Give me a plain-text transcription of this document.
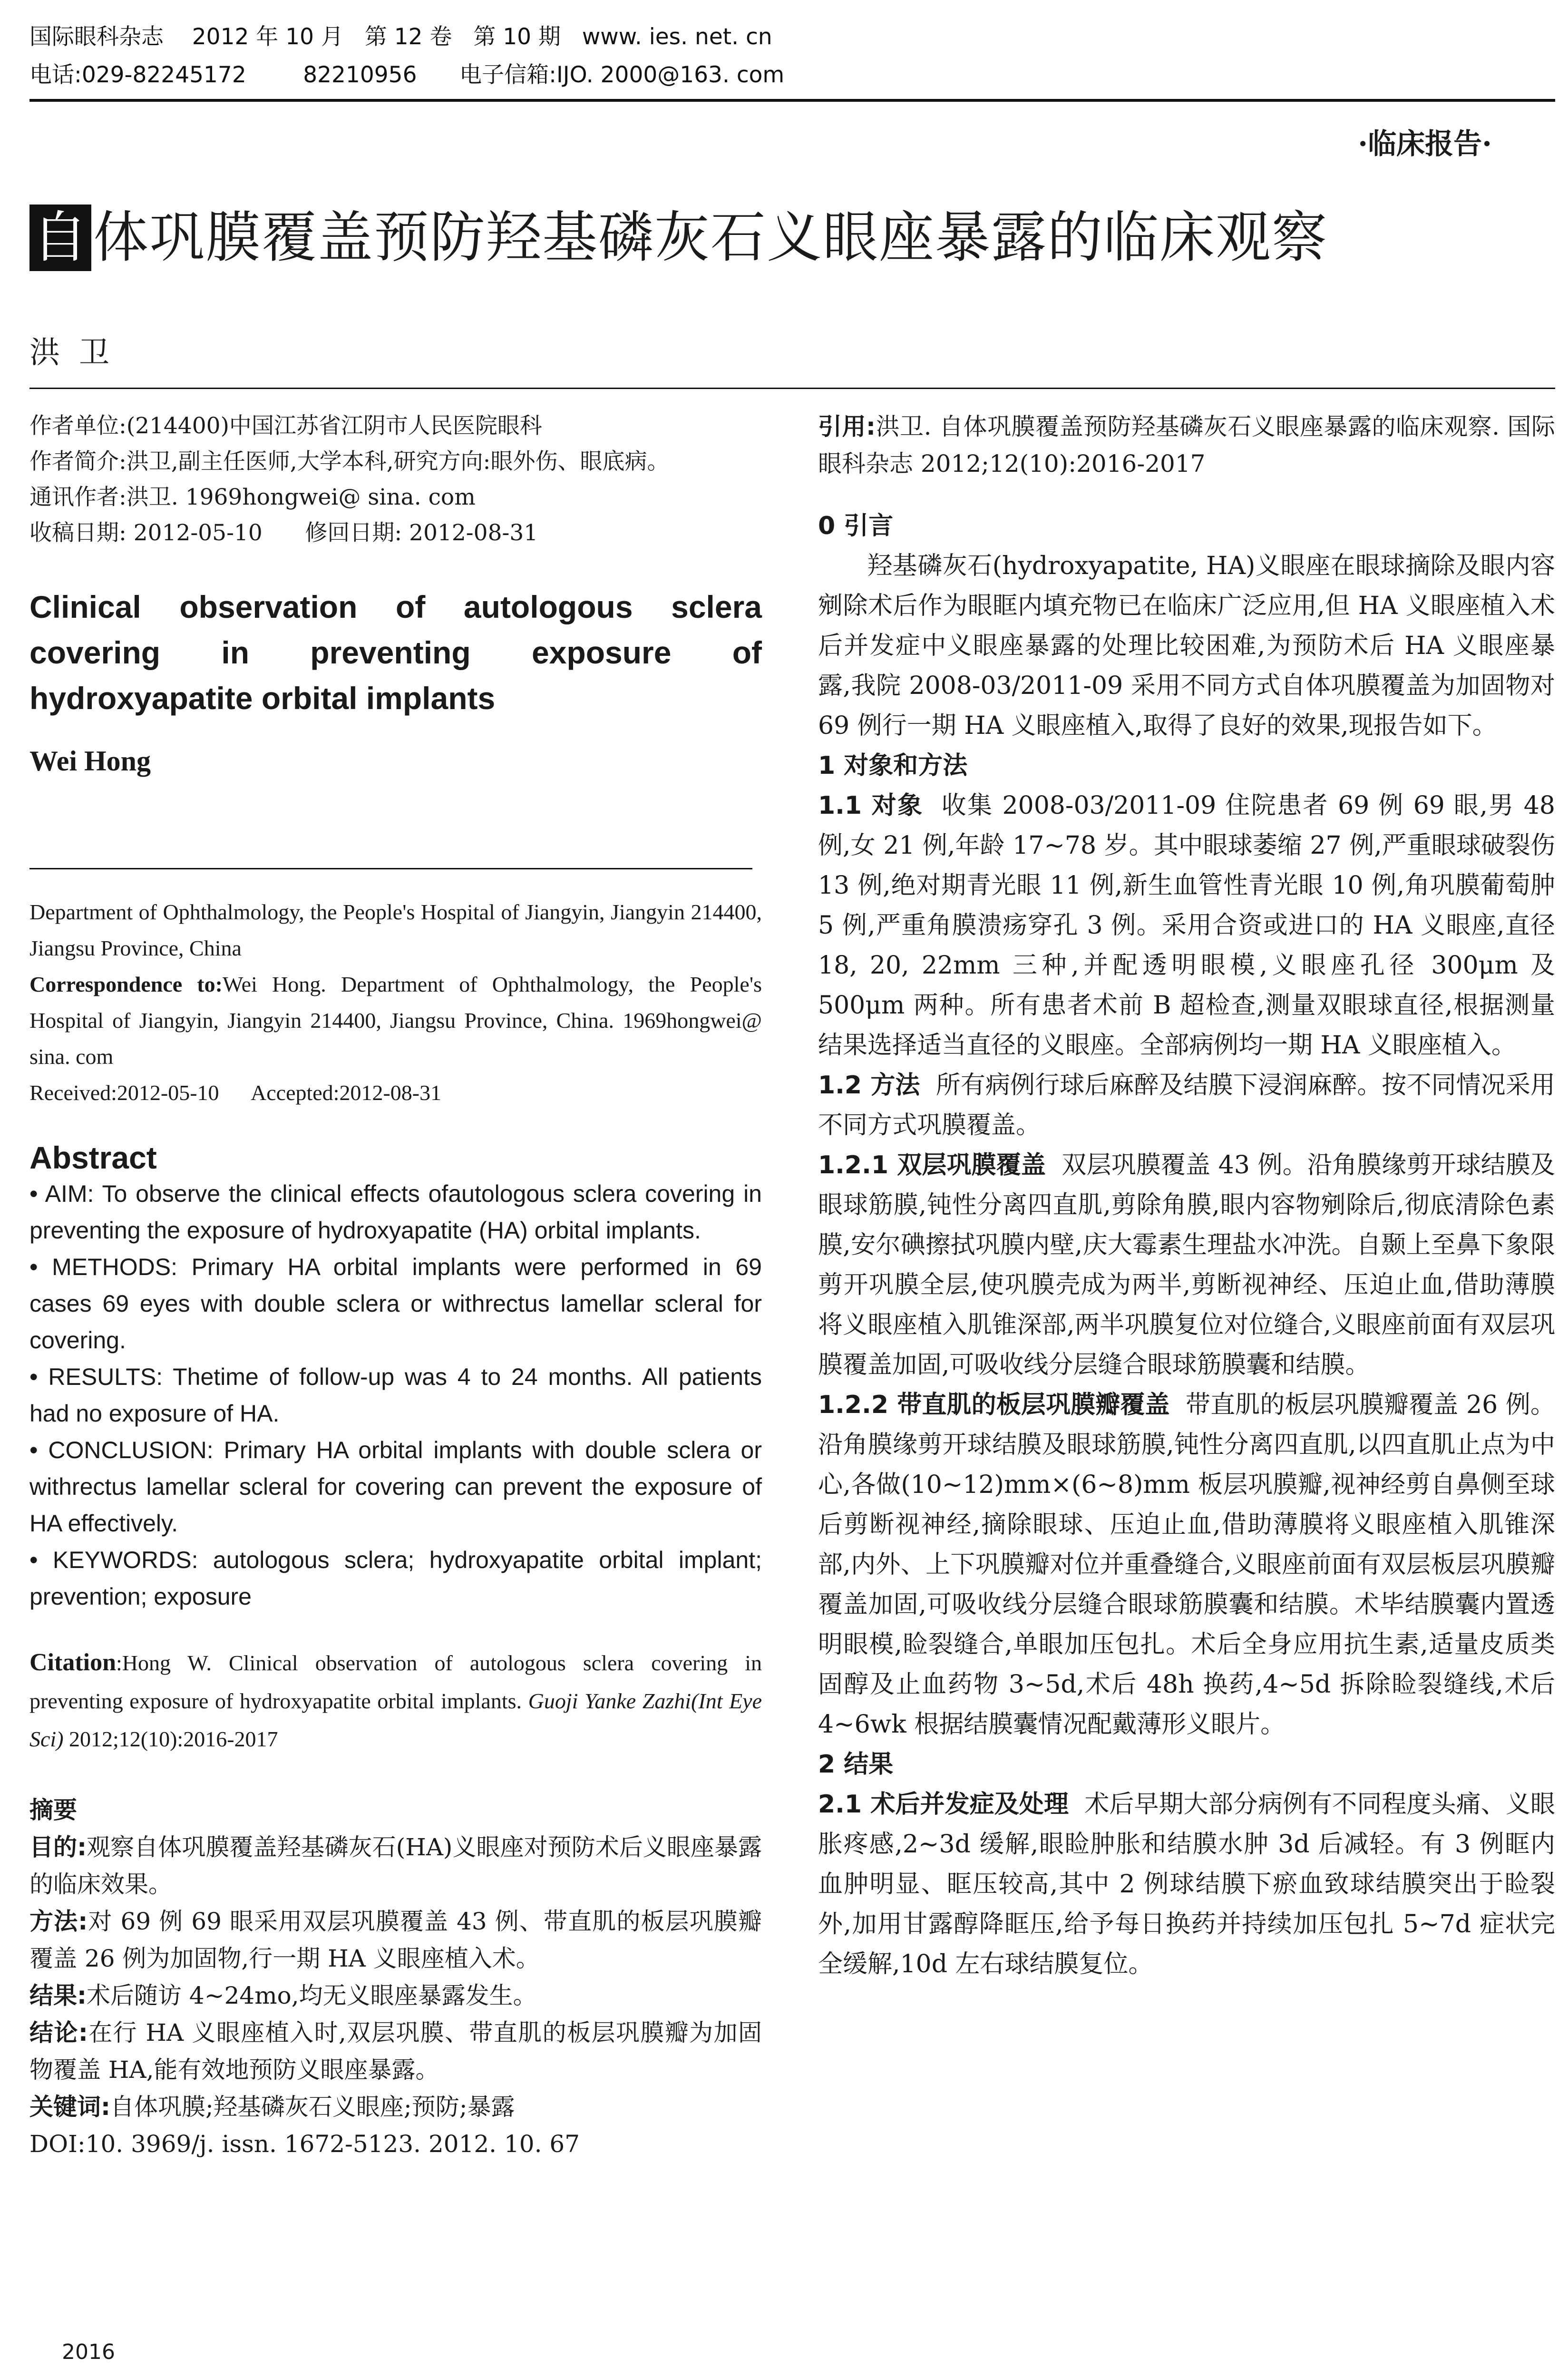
国际眼科杂志    2012 年 10 月   第 12 卷   第 10 期   www. ies. net. cn
电话:029-82245172        82210956      电子信箱:IJO. 2000@163. com
·临床报告·
自体巩膜覆盖预防羟基磷灰石义眼座暴露的临床观察
洪卫
作者单位:(214400)中国江苏省江阴市人民医院眼科
作者简介:洪卫,副主任医师,大学本科,研究方向:眼外伤、眼底病。
通讯作者:洪卫. 1969hongwei@ sina. com
收稿日期: 2012-05-10      修回日期: 2012-08-31
Clinical observation of autologous sclera covering in preventing exposure of hydroxyapatite orbital implants
Wei Hong
Department of Ophthalmology, the People's Hospital of Jiangyin, Jiangyin 214400, Jiangsu Province, China
Correspondence to:Wei Hong. Department of Ophthalmology, the People's Hospital of Jiangyin, Jiangyin 214400, Jiangsu Province, China. 1969hongwei@ sina. com
Received:2012-05-10      Accepted:2012-08-31
Abstract
• AIM: To observe the clinical effects ofautologous sclera covering in preventing the exposure of hydroxyapatite (HA) orbital implants.
• METHODS: Primary HA orbital implants were performed in 69 cases 69 eyes with double sclera or withrectus lamellar scleral for covering.
• RESULTS: Thetime of follow-up was 4 to 24 months. All patients had no exposure of HA.
• CONCLUSION: Primary HA orbital implants with double sclera or withrectus lamellar scleral for covering can prevent the exposure of HA effectively.
• KEYWORDS: autologous sclera; hydroxyapatite orbital implant; prevention; exposure
Citation:Hong W. Clinical observation of autologous sclera covering in preventing exposure of hydroxyapatite orbital implants. Guoji Yanke Zazhi(Int Eye Sci) 2012;12(10):2016-2017
摘要
目的:观察自体巩膜覆盖羟基磷灰石(HA)义眼座对预防术后义眼座暴露的临床效果。
方法:对 69 例 69 眼采用双层巩膜覆盖 43 例、带直肌的板层巩膜瓣覆盖 26 例为加固物,行一期 HA 义眼座植入术。
结果:术后随访 4~24mo,均无义眼座暴露发生。
结论:在行 HA 义眼座植入时,双层巩膜、带直肌的板层巩膜瓣为加固物覆盖 HA,能有效地预防义眼座暴露。
关键词:自体巩膜;羟基磷灰石义眼座;预防;暴露
DOI:10. 3969/j. issn. 1672-5123. 2012. 10. 67
引用:洪卫. 自体巩膜覆盖预防羟基磷灰石义眼座暴露的临床观察. 国际眼科杂志 2012;12(10):2016-2017
0 引言
羟基磷灰石(hydroxyapatite, HA)义眼座在眼球摘除及眼内容剜除术后作为眼眶内填充物已在临床广泛应用,但 HA 义眼座植入术后并发症中义眼座暴露的处理比较困难,为预防术后 HA 义眼座暴露,我院 2008-03/2011-09 采用不同方式自体巩膜覆盖为加固物对 69 例行一期 HA 义眼座植入,取得了良好的效果,现报告如下。
1 对象和方法
1.1 对象 收集 2008-03/2011-09 住院患者 69 例 69 眼,男 48 例,女 21 例,年龄 17~78 岁。其中眼球萎缩 27 例,严重眼球破裂伤 13 例,绝对期青光眼 11 例,新生血管性青光眼 10 例,角巩膜葡萄肿 5 例,严重角膜溃疡穿孔 3 例。采用合资或进口的 HA 义眼座,直径 18, 20, 22mm 三种,并配透明眼模,义眼座孔径 300μm 及 500μm 两种。所有患者术前 B 超检查,测量双眼球直径,根据测量结果选择适当直径的义眼座。全部病例均一期 HA 义眼座植入。
1.2 方法 所有病例行球后麻醉及结膜下浸润麻醉。按不同情况采用不同方式巩膜覆盖。
1.2.1 双层巩膜覆盖 双层巩膜覆盖 43 例。沿角膜缘剪开球结膜及眼球筋膜,钝性分离四直肌,剪除角膜,眼内容物剜除后,彻底清除色素膜,安尔碘擦拭巩膜内壁,庆大霉素生理盐水冲洗。自颞上至鼻下象限剪开巩膜全层,使巩膜壳成为两半,剪断视神经、压迫止血,借助薄膜将义眼座植入肌锥深部,两半巩膜复位对位缝合,义眼座前面有双层巩膜覆盖加固,可吸收线分层缝合眼球筋膜囊和结膜。
1.2.2 带直肌的板层巩膜瓣覆盖 带直肌的板层巩膜瓣覆盖 26 例。沿角膜缘剪开球结膜及眼球筋膜,钝性分离四直肌,以四直肌止点为中心,各做(10~12)mm×(6~8)mm 板层巩膜瓣,视神经剪自鼻侧至球后剪断视神经,摘除眼球、压迫止血,借助薄膜将义眼座植入肌锥深部,内外、上下巩膜瓣对位并重叠缝合,义眼座前面有双层板层巩膜瓣覆盖加固,可吸收线分层缝合眼球筋膜囊和结膜。术毕结膜囊内置透明眼模,睑裂缝合,单眼加压包扎。术后全身应用抗生素,适量皮质类固醇及止血药物 3~5d,术后 48h 换药,4~5d 拆除睑裂缝线,术后 4~6wk 根据结膜囊情况配戴薄形义眼片。
2 结果
2.1 术后并发症及处理 术后早期大部分病例有不同程度头痛、义眼胀疼感,2~3d 缓解,眼睑肿胀和结膜水肿 3d 后减轻。有 3 例眶内血肿明显、眶压较高,其中 2 例球结膜下瘀血致球结膜突出于睑裂外,加用甘露醇降眶压,给予每日换药并持续加压包扎 5~7d 症状完全缓解,10d 左右球结膜复位。
2016
